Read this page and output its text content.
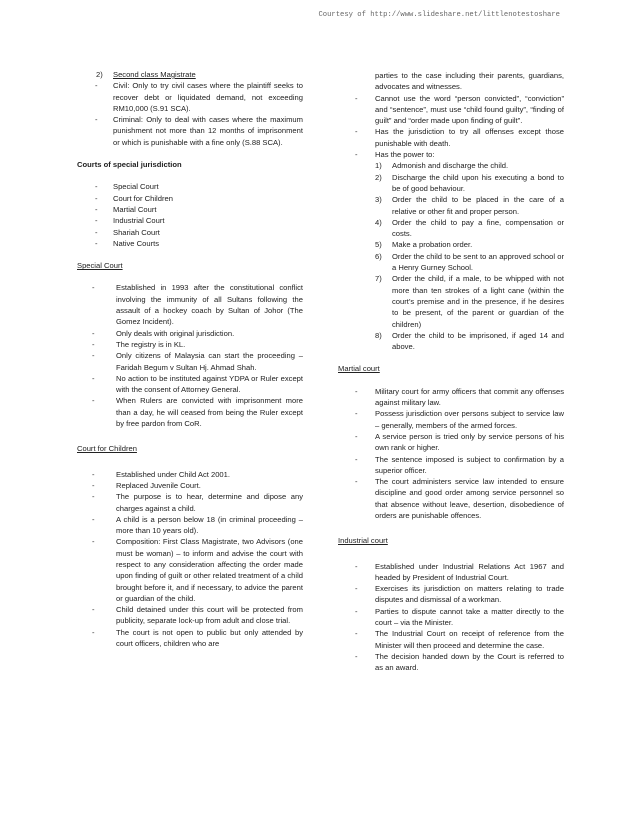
Courtesy of http://www.slideshare.net/littlenotestoshare
2)	Second class Magistrate
-	Civil: Only to try civil cases where the plaintiff seeks to recover debt or liquidated demand, not exceeding RM10,000 (S.91 SCA).
-	Criminal: Only to deal with cases where the maximum punishment not more than 12 months of imprisonment or which is punishable with a fine only (S.88 SCA).
Courts of special jurisdiction
-	Special Court
-	Court for Children
-	Martial Court
-	Industrial Court
-	Shariah Court
-	Native Courts
Special Court
-	Established in 1993 after the constitutional conflict involving the immunity of all Sultans following the assault of a hockey coach by Sultan of Johor (The Gomez Incident).
-	Only deals with original jurisdiction.
-	The registry is in KL.
-	Only citizens of Malaysia can start the proceeding – Faridah Begum v Sultan Hj. Ahmad Shah.
-	No action to be instituted against YDPA or Ruler except with the consent of Attorney General.
-	When Rulers are convicted with imprisonment more than a day, he will ceased from being the Ruler except by free pardon from CoR.
Court for Children
-	Established under Child Act 2001.
-	Replaced Juvenile Court.
-	The purpose is to hear, determine and dipose any charges against a child.
-	A child is a person below 18 (in criminal proceeding – more than 10 years old).
-	Composition: First Class Magistrate, two Advisors (one must be woman) – to inform and advise the court with respect to any consideration affecting the order made upon finding of guilt or other related treatment of a child brought before it, and if necessary, to advice the parent or guardian of the child.
-	Child detained under this court will be protected from publicity, separate lock-up from adult and close trial.
-	The court is not open to public but only attended by court officers, children who are
parties to the case including their parents, guardians, advocates and witnesses.
-	Cannot use the word “person convicted”, “conviction” and “sentence”, must use “child found guilty”, “finding of guilt” and “order made upon finding of guilt”.
-	Has the jurisdiction to try all offenses except those punishable with death.
-	Has the power to:
1)	Admonish and discharge the child.
2)	Discharge the child upon his executing a bond to be of good behaviour.
3)	Order the child to be placed in the care of a relative or other fit and proper person.
4)	Order the child to pay a fine, compensation or costs.
5)	Make a probation order.
6)	Order the child to be sent to an approved school or a Henry Gurney School.
7)	Order the child, if a male, to be whipped with not more than ten strokes of a light cane (within the court’s premise and in the presence, if he desires to be present, of the parent or guardian of the children)
8)	Order the child to be imprisoned, if aged 14 and above.
Martial court
-	Military court for army officers that commit any offenses against military law.
-	Possess jurisdiction over persons subject to service law – generally, members of the armed forces.
-	A service person is tried only by service persons of his own rank or higher.
-	The sentence imposed is subject to confirmation by a superior officer.
-	The court administers service law intended to ensure discipline and good order among service personnel so that absence without leave, desertion, disobedience of orders are punishable offences.
Industrial court
-	Established under Industrial Relations Act 1967 and headed by President of Industrial Court.
-	Exercises its jurisdiction on matters relating to trade disputes and dismissal of a workman.
-	Parties to dispute cannot take a matter directly to the court – via the Minister.
-	The Industrial Court on receipt of reference from the Minister will then proceed and determine the case.
-	The decision handed down by the Court is referred to as an award.
